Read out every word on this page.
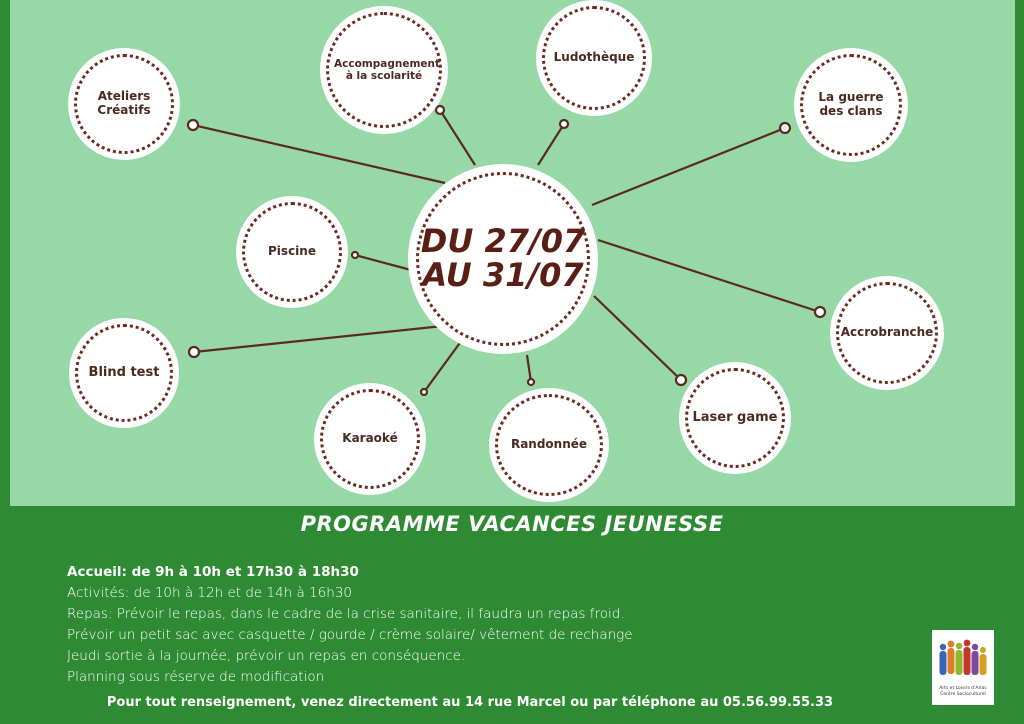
Ateliers Créatifs
Accompagnement à la scolarité
Ludothèque
La guerre des clans
Piscine
Accrobranche
Blind test
Karaoké	Randonnée
Laser game
DU 27/07
AU 31/07
PROGRAMME VACANCES JEUNESSE
Accueil: de 9h à 10h et 17h30 à 18h30
Activités: de 10h à 12h et de 14h à 16h30
Repas: Prévoir le repas, dans le cadre de la crise sanitaire, il faudra un repas froid.
Prévoir un petit sac avec casquette / gourde / crème solaire/ vêtement de rechange
Jeudi sortie à la journée, prévoir un repas en conséquence.
Planning sous réserve de modification
Pour tout renseignement, venez directement au 14 rue Marcel ou par téléphone au 05.56.99.55.33
Arts et Loisirs d'Arlac
Centre Socioculturel
